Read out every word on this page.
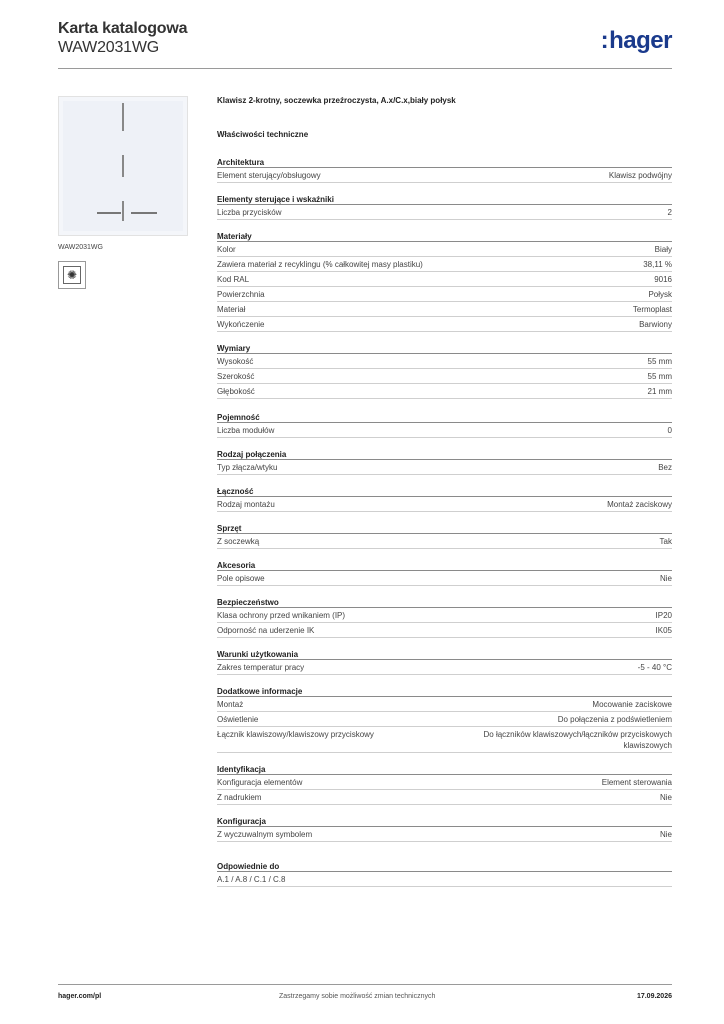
Karta katalogowa
WAW2031WG	:hager
WAW2031WG
✺
Klawisz 2-krotny, soczewka przeźroczysta, A.x/C.x,biały połysk
Właściwości techniczne
Architektura
Element sterujący/obsługowy	Klawisz podwójny
Elementy sterujące i wskaźniki
Liczba przycisków	2
Materiały
Kolor	Biały
Zawiera materiał z recyklingu (% całkowitej masy plastiku)	38,11 %
Kod RAL	9016
Powierzchnia	Połysk
Materiał	Termoplast
Wykończenie	Barwiony
Wymiary
Wysokość	55 mm
Szerokość	55 mm
Głębokość	21 mm
Pojemność
Liczba modułów	0
Rodzaj połączenia
Typ złącza/wtyku	Bez
Łączność
Rodzaj montażu	Montaż zaciskowy
Sprzęt
Z soczewką	Tak
Akcesoria
Pole opisowe	Nie
Bezpieczeństwo
Klasa ochrony przed wnikaniem (IP)	IP20
Odporność na uderzenie IK	IK05
Warunki użytkowania
Zakres temperatur pracy	-5 - 40 °C
Dodatkowe informacje
Montaż	Mocowanie zaciskowe
Oświetlenie	Do połączenia z podświetleniem
Łącznik klawiszowy/klawiszowy przyciskowy	Do łączników klawiszowych/łączników przyciskowych klawiszowych
Identyfikacja
Konfiguracja elementów	Element sterowania
Z nadrukiem	Nie
Konfiguracja
Z wyczuwalnym symbolem	Nie
Odpowiednie do
A.1 / A.8 / C.1 / C.8
hager.com/pl	Zastrzegamy sobie możliwość zmian technicznych	17.09.2026
